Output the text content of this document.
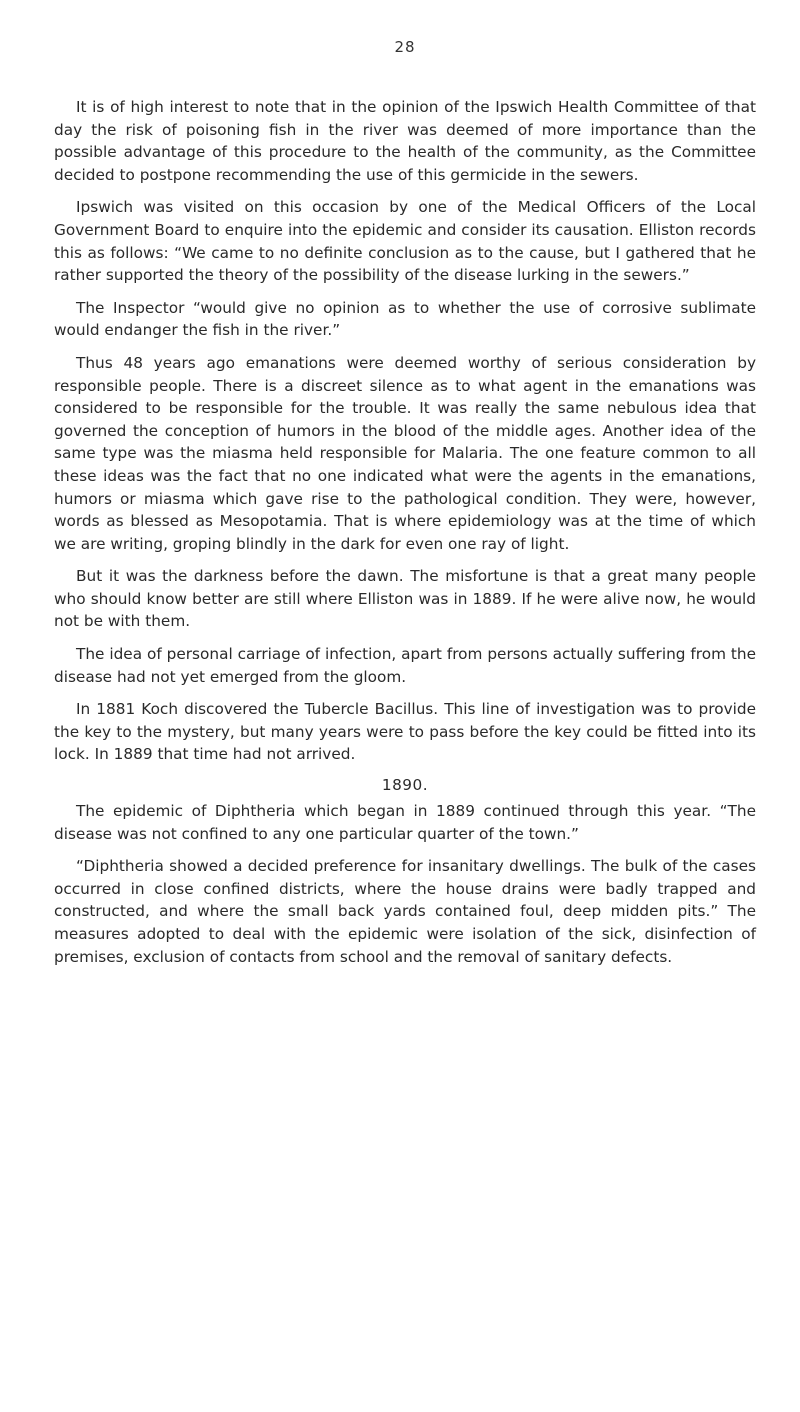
28

It is of high interest to note that in the opinion of the Ipswich Health Committee of that day the risk of poisoning fish in the river was deemed of more importance than the possible advantage of this procedure to the health of the community, as the Committee decided to postpone recommending the use of this germicide in the sewers.

Ipswich was visited on this occasion by one of the Medical Officers of the Local Government Board to enquire into the epidemic and consider its causation. Elliston records this as follows: “We came to no definite conclusion as to the cause, but I gathered that he rather supported the theory of the possibility of the disease lurking in the sewers.”

The Inspector “would give no opinion as to whether the use of corrosive sublimate would endanger the fish in the river.”

Thus 48 years ago emanations were deemed worthy of serious consideration by responsible people. There is a discreet silence as to what agent in the emanations was considered to be responsible for the trouble. It was really the same nebulous idea that governed the conception of humors in the blood of the middle ages. Another idea of the same type was the miasma held responsible for Malaria. The one feature common to all these ideas was the fact that no one indicated what were the agents in the emanations, humors or miasma which gave rise to the pathological condition. They were, however, words as blessed as Mesopotamia. That is where epidemiology was at the time of which we are writing, groping blindly in the dark for even one ray of light.

But it was the darkness before the dawn. The misfortune is that a great many people who should know better are still where Elliston was in 1889. If he were alive now, he would not be with them.

The idea of personal carriage of infection, apart from persons actually suffering from the disease had not yet emerged from the gloom.

In 1881 Koch discovered the Tubercle Bacillus. This line of investigation was to provide the key to the mystery, but many years were to pass before the key could be fitted into its lock. In 1889 that time had not arrived.

1890.

The epidemic of Diphtheria which began in 1889 continued through this year. “The disease was not confined to any one particular quarter of the town.”

“Diphtheria showed a decided preference for insanitary dwellings. The bulk of the cases occurred in close confined districts, where the house drains were badly trapped and constructed, and where the small back yards contained foul, deep midden pits.” The measures adopted to deal with the epidemic were isolation of the sick, disinfection of premises, exclusion of contacts from school and the removal of sanitary defects.
